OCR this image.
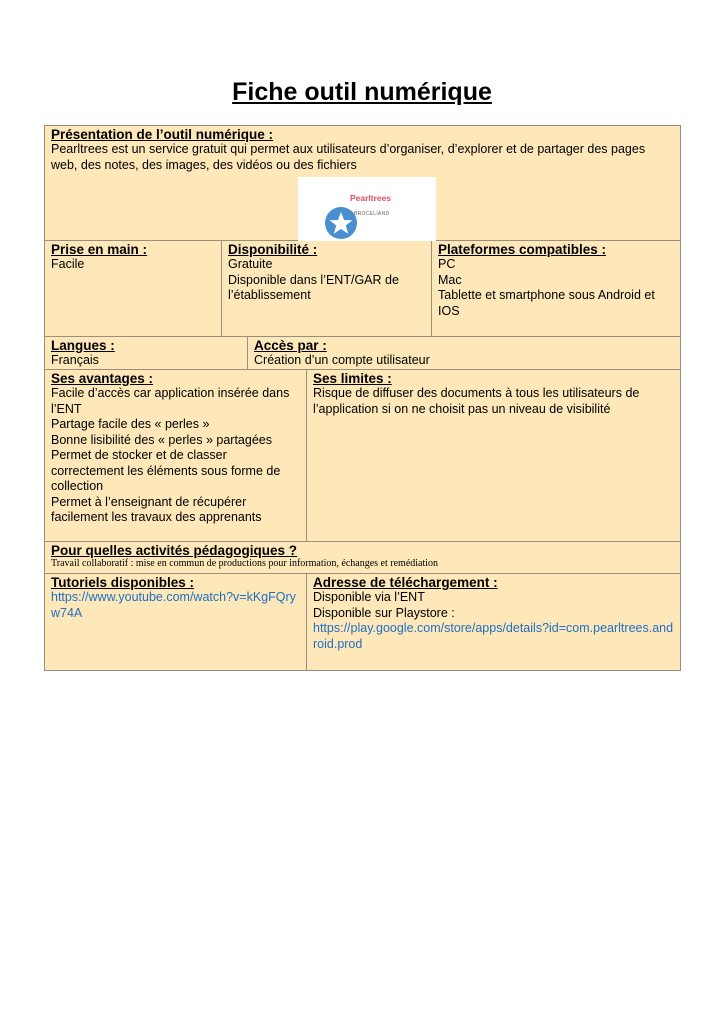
Fiche outil numérique
Présentation de l’outil numérique :
Pearltrees est un service gratuit qui permet aux utilisateurs d’organiser, d’explorer et de partager des pages web, des notes, des images, des vidéos ou des fichiers
Pearltrees
BROCELIAND
Prise en main :
Facile
Disponibilité :
Gratuite
Disponible dans l’ENT/GAR de l’établissement
Plateformes compatibles :
PC
Mac
Tablette et smartphone sous Android et IOS
Langues :
Français
Accès par :
Création d’un compte utilisateur
Ses avantages :
Facile d’accès car application insérée dans l’ENT
Partage facile des « perles »
Bonne lisibilité des « perles » partagées
Permet de stocker et de classer correctement les éléments sous forme de collection
Permet à l’enseignant de récupérer facilement les travaux des apprenants
Ses limites :
Risque de diffuser des documents à tous les utilisateurs de l’application si on ne choisit pas un niveau de visibilité
Pour quelles activités pédagogiques ?
Travail collaboratif : mise en commun de productions pour information, échanges et remédiation
Tutoriels disponibles :
https://www.youtube.com/watch?v=kKgFQryw74A
Adresse de téléchargement :
Disponible via l’ENT
Disponible sur Playstore :
https://play.google.com/store/apps/details?id=com.pearltrees.android.prod
